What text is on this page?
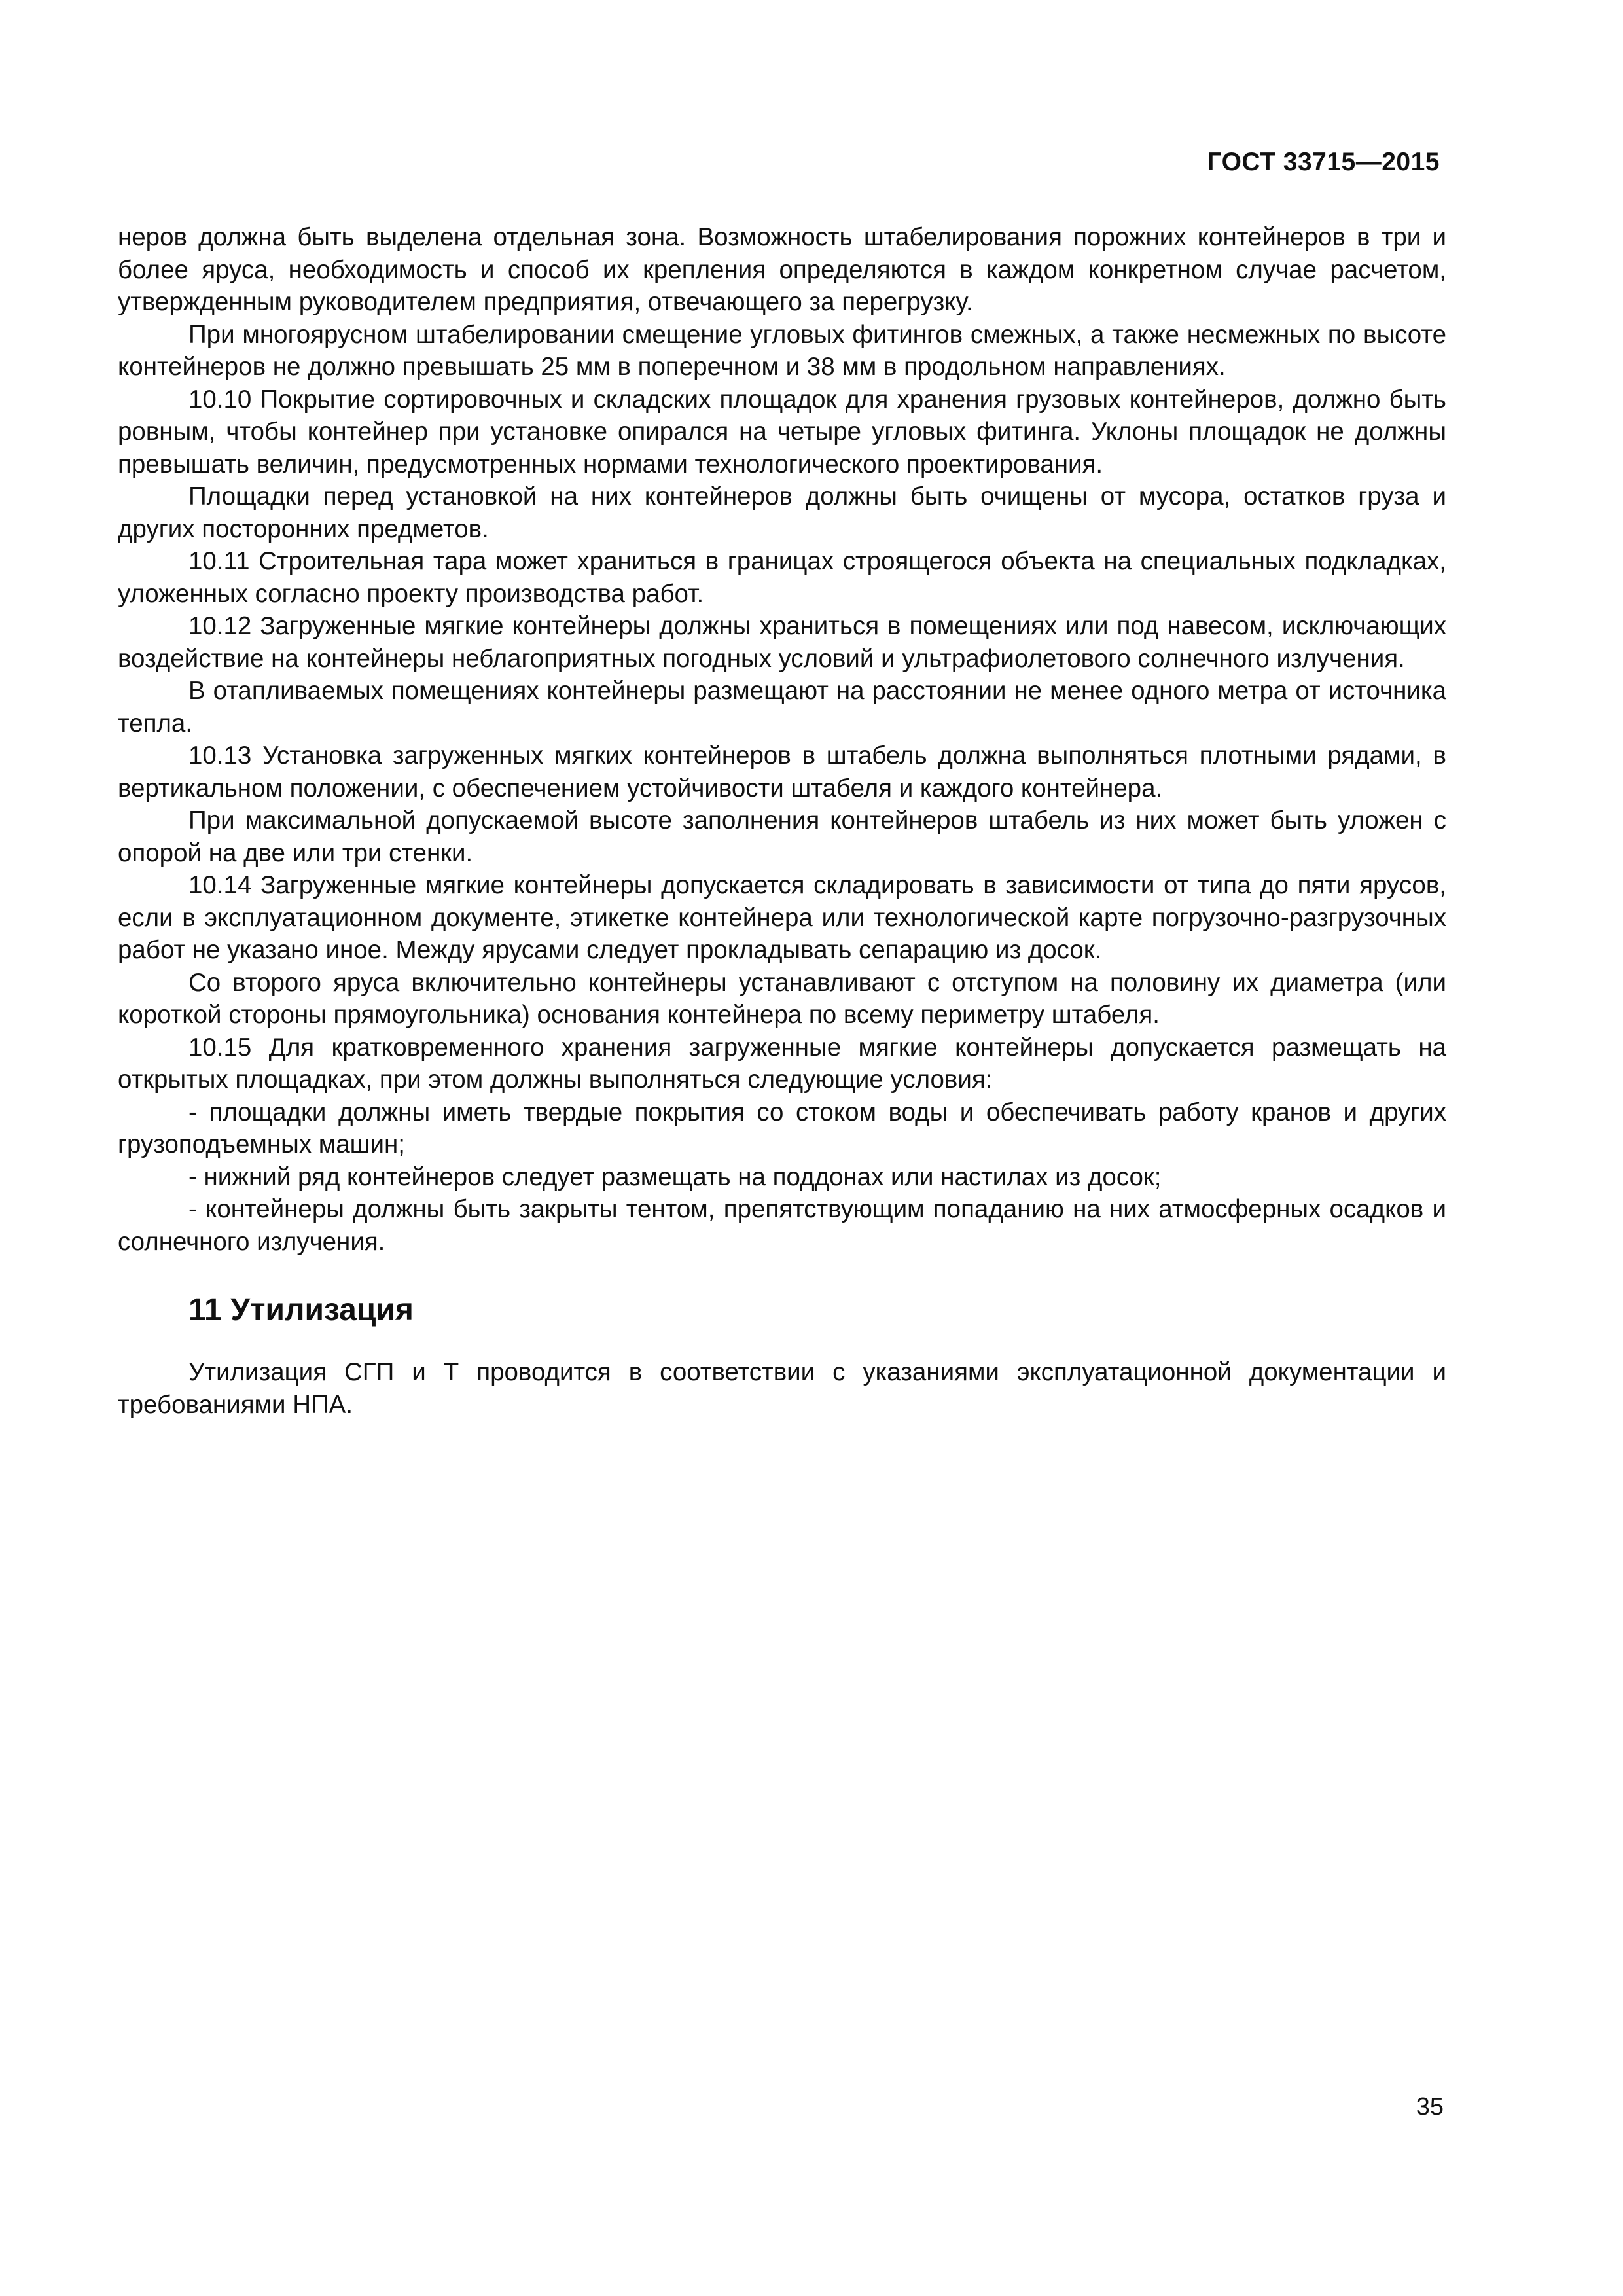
ГОСТ 33715—2015

неров должна быть выделена отдельная зона. Возможность штабелирования порожних контейнеров в три и более яруса, необходимость и способ их крепления определяются в каждом конкретном случае расчетом, утвержденным руководителем предприятия, отвечающего за перегрузку.

При многоярусном штабелировании смещение угловых фитингов смежных, а также несмежных по высоте контейнеров не должно превышать 25 мм в поперечном и 38 мм в продольном направлениях.

10.10 Покрытие сортировочных и складских площадок для хранения грузовых контейнеров, должно быть ровным, чтобы контейнер при установке опирался на четыре угловых фитинга. Уклоны площадок не должны превышать величин, предусмотренных нормами технологического проектирования.

Площадки перед установкой на них контейнеров должны быть очищены от мусора, остатков груза и других посторонних предметов.

10.11 Строительная тара может храниться в границах строящегося объекта на специальных подкладках, уложенных согласно проекту производства работ.

10.12 Загруженные мягкие контейнеры должны храниться в помещениях или под навесом, исключающих воздействие на контейнеры неблагоприятных погодных условий и ультрафиолетового солнечного излучения.

В отапливаемых помещениях контейнеры размещают на расстоянии не менее одного метра от источника тепла.

10.13 Установка загруженных мягких контейнеров в штабель должна выполняться плотными рядами, в вертикальном положении, с обеспечением устойчивости штабеля и каждого контейнера.

При максимальной допускаемой высоте заполнения контейнеров штабель из них может быть уложен с опорой на две или три стенки.

10.14 Загруженные мягкие контейнеры допускается складировать в зависимости от типа до пяти ярусов, если в эксплуатационном документе, этикетке контейнера или технологической карте погрузочно-разгрузочных работ не указано иное. Между ярусами следует прокладывать сепарацию из досок.

Со второго яруса включительно контейнеры устанавливают с отступом на половину их диаметра (или короткой стороны прямоугольника) основания контейнера по всему периметру штабеля.

10.15 Для кратковременного хранения загруженные мягкие контейнеры допускается размещать на открытых площадках, при этом должны выполняться следующие условия:

- площадки должны иметь твердые покрытия со стоком воды и обеспечивать работу кранов и других грузоподъемных машин;

- нижний ряд контейнеров следует размещать на поддонах или настилах из досок;

- контейнеры должны быть закрыты тентом, препятствующим попаданию на них атмосферных осадков и солнечного излучения.

11 Утилизация

Утилизация СГП и Т проводится в соответствии с указаниями эксплуатационной документации и требованиями НПА.

35
